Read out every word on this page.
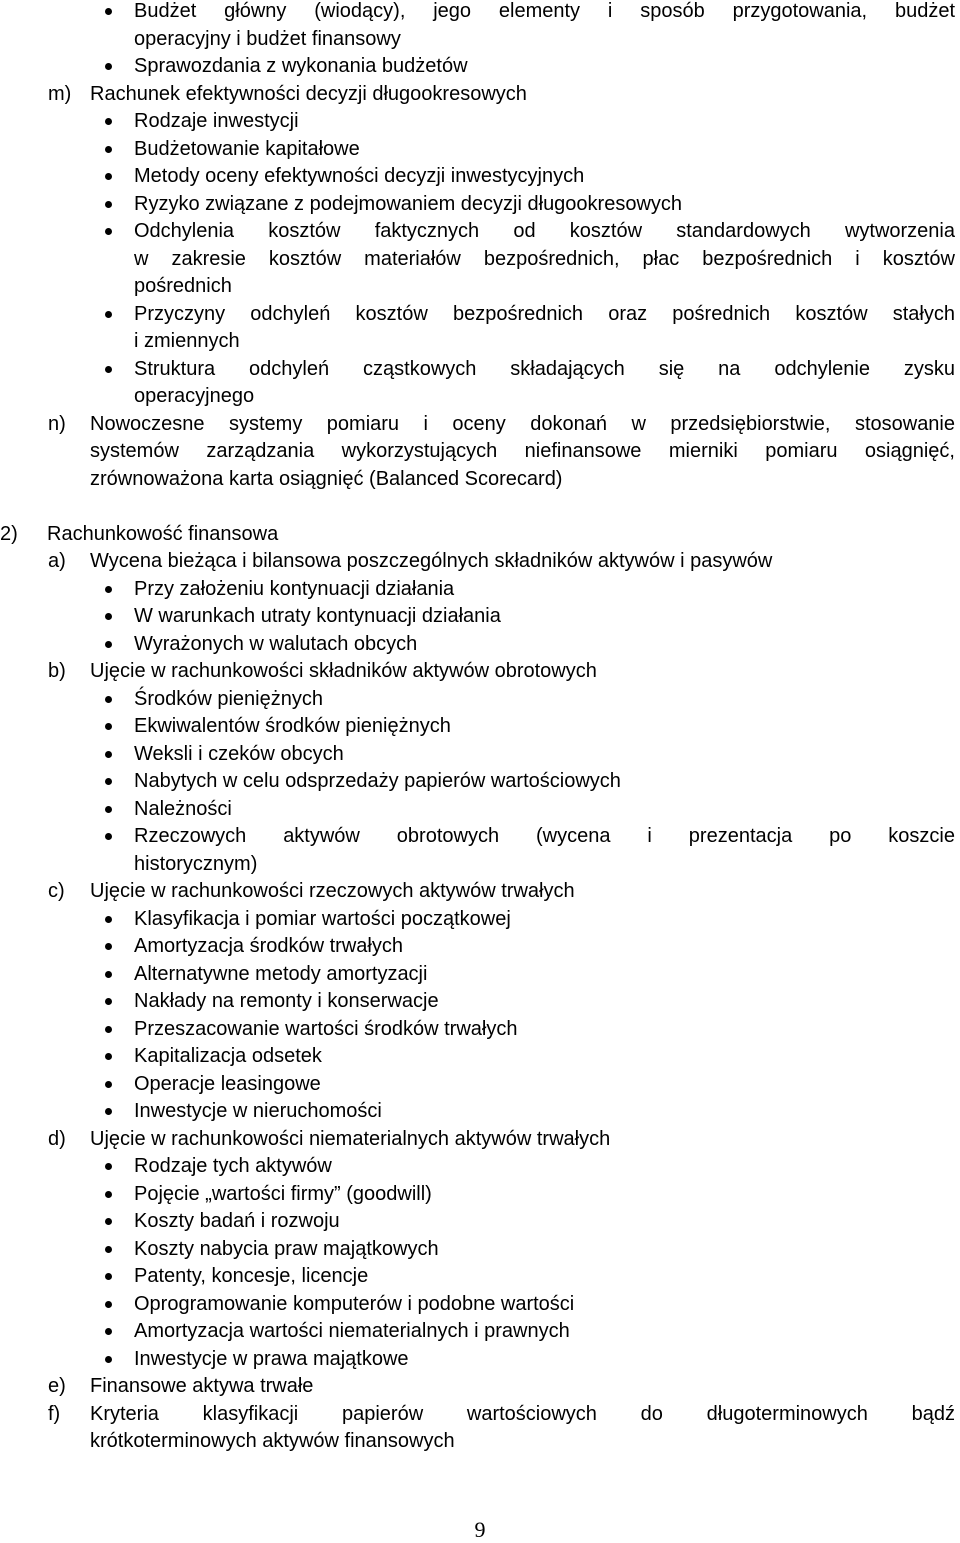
Budżet główny (wiodący), jego elementy i sposób przygotowania, budżet
operacyjny i budżet finansowy
Sprawozdania z wykonania budżetów
m) Rachunek efektywności decyzji długookresowych
Rodzaje inwestycji
Budżetowanie kapitałowe
Metody oceny efektywności decyzji inwestycyjnych
Ryzyko związane z podejmowaniem decyzji długookresowych
Odchylenia kosztów faktycznych od kosztów standardowych wytworzenia
w zakresie kosztów materiałów bezpośrednich, płac bezpośrednich i kosztów
pośrednich
Przyczyny odchyleń kosztów bezpośrednich oraz pośrednich kosztów stałych
i zmiennych
Struktura odchyleń cząstkowych składających się na odchylenie zysku
operacyjnego
n) Nowoczesne systemy pomiaru i oceny dokonań w przedsiębiorstwie, stosowanie
systemów zarządzania wykorzystujących niefinansowe mierniki pomiaru osiągnięć,
zrównoważona karta osiągnięć (Balanced Scorecard)
2) Rachunkowość finansowa
a) Wycena bieżąca i bilansowa poszczególnych składników aktywów i pasywów
Przy założeniu kontynuacji działania
W warunkach utraty kontynuacji działania
Wyrażonych w walutach obcych
b) Ujęcie w rachunkowości składników aktywów obrotowych
Środków pieniężnych
Ekwiwalentów środków pieniężnych
Weksli i czeków obcych
Nabytych w celu odsprzedaży papierów wartościowych
Należności
Rzeczowych aktywów obrotowych (wycena i prezentacja po koszcie
historycznym)
c) Ujęcie w rachunkowości rzeczowych aktywów trwałych
Klasyfikacja i pomiar wartości początkowej
Amortyzacja środków trwałych
Alternatywne metody amortyzacji
Nakłady na remonty i konserwacje
Przeszacowanie wartości środków trwałych
Kapitalizacja odsetek
Operacje leasingowe
Inwestycje w nieruchomości
d) Ujęcie w rachunkowości niematerialnych aktywów trwałych
Rodzaje tych aktywów
Pojęcie „wartości firmy” (goodwill)
Koszty badań i rozwoju
Koszty nabycia praw majątkowych
Patenty, koncesje, licencje
Oprogramowanie komputerów i podobne wartości
Amortyzacja wartości niematerialnych i prawnych
Inwestycje w prawa majątkowe
e) Finansowe aktywa trwałe
f) Kryteria klasyfikacji papierów wartościowych do długoterminowych bądź
krótkoterminowych aktywów finansowych
9
